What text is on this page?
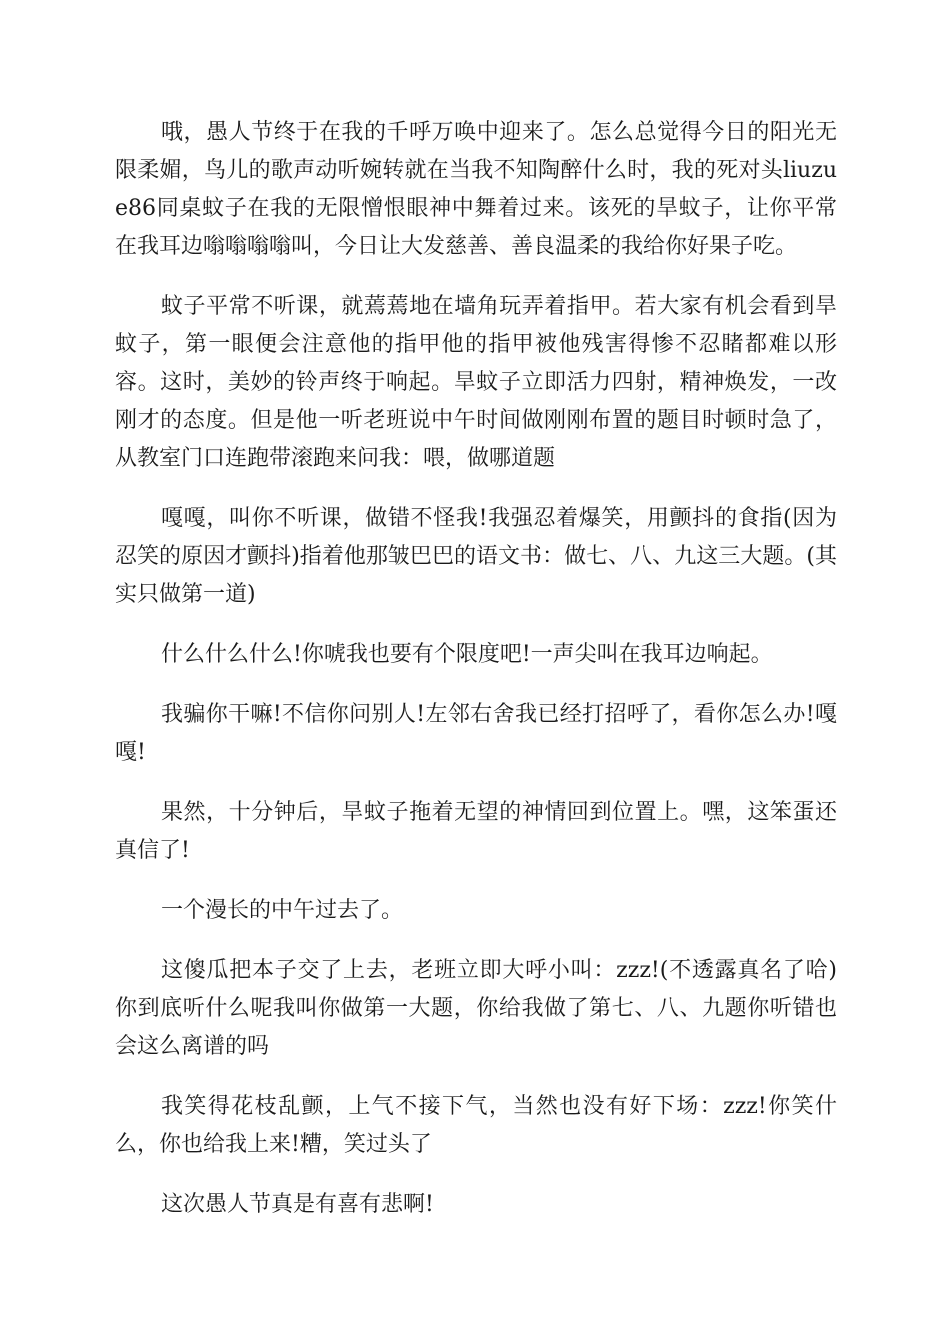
哦，愚人节终于在我的千呼万唤中迎来了。怎么总觉得今日的阳光无限柔媚，鸟儿的歌声动听婉转就在当我不知陶醉什么时，我的死对头liuzue86同桌蚊子在我的无限憎恨眼神中舞着过来。该死的旱蚊子，让你平常在我耳边嗡嗡嗡嗡叫，今日让大发慈善、善良温柔的我给你好果子吃。

蚊子平常不听课，就蔫蔫地在墙角玩弄着指甲。若大家有机会看到旱蚊子，第一眼便会注意他的指甲他的指甲被他残害得惨不忍睹都难以形容。这时，美妙的铃声终于响起。旱蚊子立即活力四射，精神焕发，一改刚才的态度。但是他一听老班说中午时间做刚刚布置的题目时顿时急了，从教室门口连跑带滚跑来问我：喂，做哪道题

嘎嘎，叫你不听课，做错不怪我!我强忍着爆笑，用颤抖的食指(因为忍笑的原因才颤抖)指着他那皱巴巴的语文书：做七、八、九这三大题。(其实只做第一道)

什么什么什么!你唬我也要有个限度吧!一声尖叫在我耳边响起。

我骗你干嘛!不信你问别人!左邻右舍我已经打招呼了，看你怎么办!嘎嘎!

果然，十分钟后，旱蚊子拖着无望的神情回到位置上。嘿，这笨蛋还真信了!

一个漫长的中午过去了。

这傻瓜把本子交了上去，老班立即大呼小叫：zzz!(不透露真名了哈)你到底听什么呢我叫你做第一大题，你给我做了第七、八、九题你听错也会这么离谱的吗

我笑得花枝乱颤，上气不接下气，当然也没有好下场：zzz!你笑什么，你也给我上来!糟，笑过头了

这次愚人节真是有喜有悲啊!
